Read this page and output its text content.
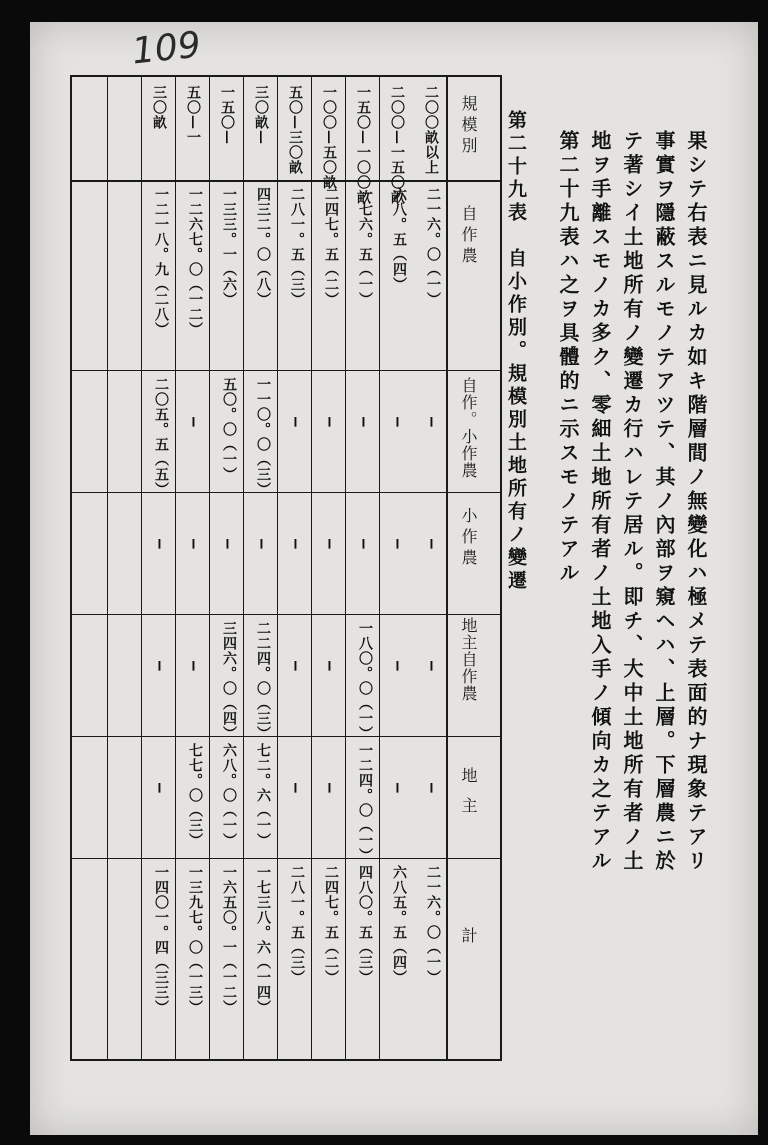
109
果シテ右表ニ見ルカ如キ階層間ノ無變化ハ極メテ表面的ナ現象テアリ
事實ヲ隱蔽スルモノテアツテ、其ノ內部ヲ窺ヘハ、上層。下層農ニ於
テ著シイ土地所有ノ變遷カ行ハレテ居ル。即チ、大中土地所有者ノ土
地ヲ手離スモノカ多ク、零細土地所有者ノ土地入手ノ傾向カ之テアル
第二十九表ハ之ヲ具體的ニ示スモノテアル
第二十九表　自小作別。規模別土地所有ノ變遷
規模別
自作農
自作。小作農
小作農
地主自作農
地主
計
二〇〇畝以上
二一六。〇（一）
—
—
—
—
二一六。〇（一）
二〇〇—一五〇畝
六八。五（四）
—
—
—
—
六八五。五（四）
一五〇—一〇〇畝
一七六。五（一）
—
—
一八〇。〇（一）
一二四。〇（一）
四八〇。五（三）
一〇〇—五〇畝
二四七。五（二）
—
—
—
—
二四七。五（二）
五〇—三〇畝
二八一。五（三）
—
—
—
—
二八一。五（三）
三〇畝—
四三二。〇（八）
一一〇。〇（三）
—
二二四。〇（三）
七二。六（一）
一七三八。六（一四）
一五〇—
一三三。一（六）
五〇。〇（一）
—
三四六。〇（四）
六八。〇（一）
一六五〇。一（一二）
五〇—一
一二六七。〇（一二）
—
—
—
七七。〇（三）
一三九七。〇（一三）
三〇畝
一二一八。九（二八）
二〇五。五（五）
—
—
—
一四〇一。四（三三）
